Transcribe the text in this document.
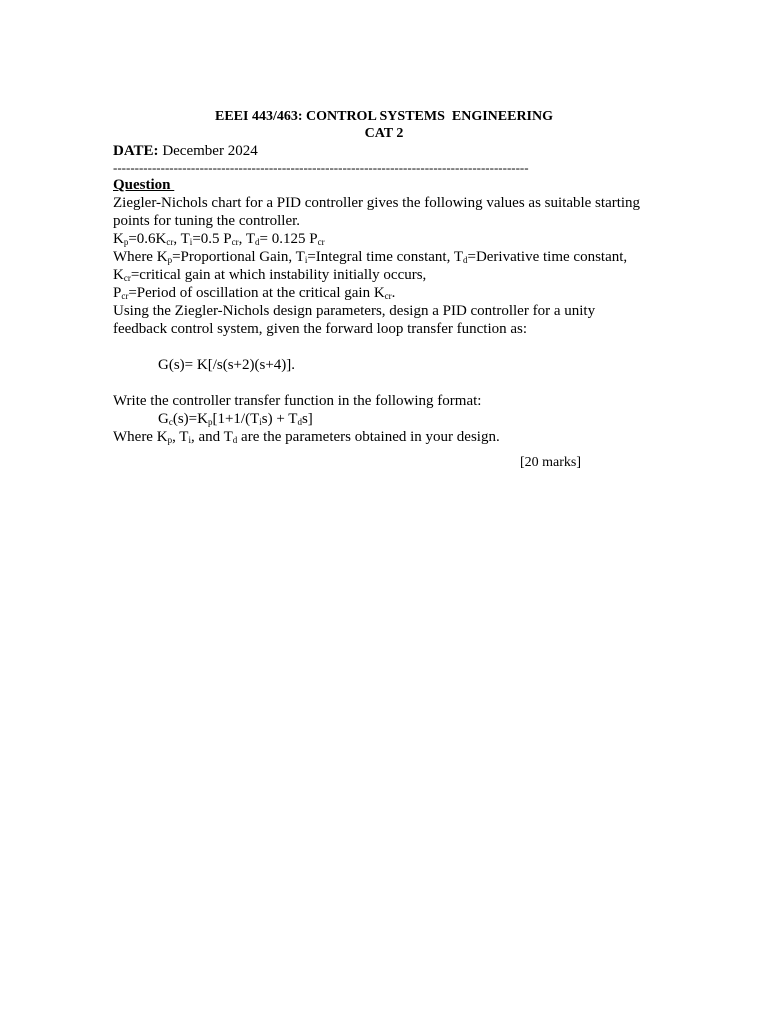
EEEI 443/463: CONTROL SYSTEMS  ENGINEERING
CAT 2
DATE: December 2024
------------------------------------------------------------------------------------------------
Question
Ziegler-Nichols chart for a PID controller gives the following values as suitable starting
points for tuning the controller.
$K_p=0.6K_{cr}$, $T_i=0.5$ $P_{cr}$, $T_d= 0.125$ $P_{cr}$
Where $K_p=Proportional$ Gain, $T_i=Integral$ time constant, $T_d=Derivative$ time constant,
$K_{cr}=critical$ gain at which instability initially occurs,
$P_{cr}=Period$ of oscillation at the critical gain $K_{cr}$.
Using the Ziegler-Nichols design parameters, design a PID controller for a unity
feedback control system, given the forward loop transfer function as:
G(s)= K[/s(s+2)(s+4)].
Write the controller transfer function in the following format:
$G_c(s)=K_p[1+1/(T_is) + T_ds]$
Where $K_p$, $T_i$, and $T_d$ are the parameters obtained in your design.
[20 marks]
